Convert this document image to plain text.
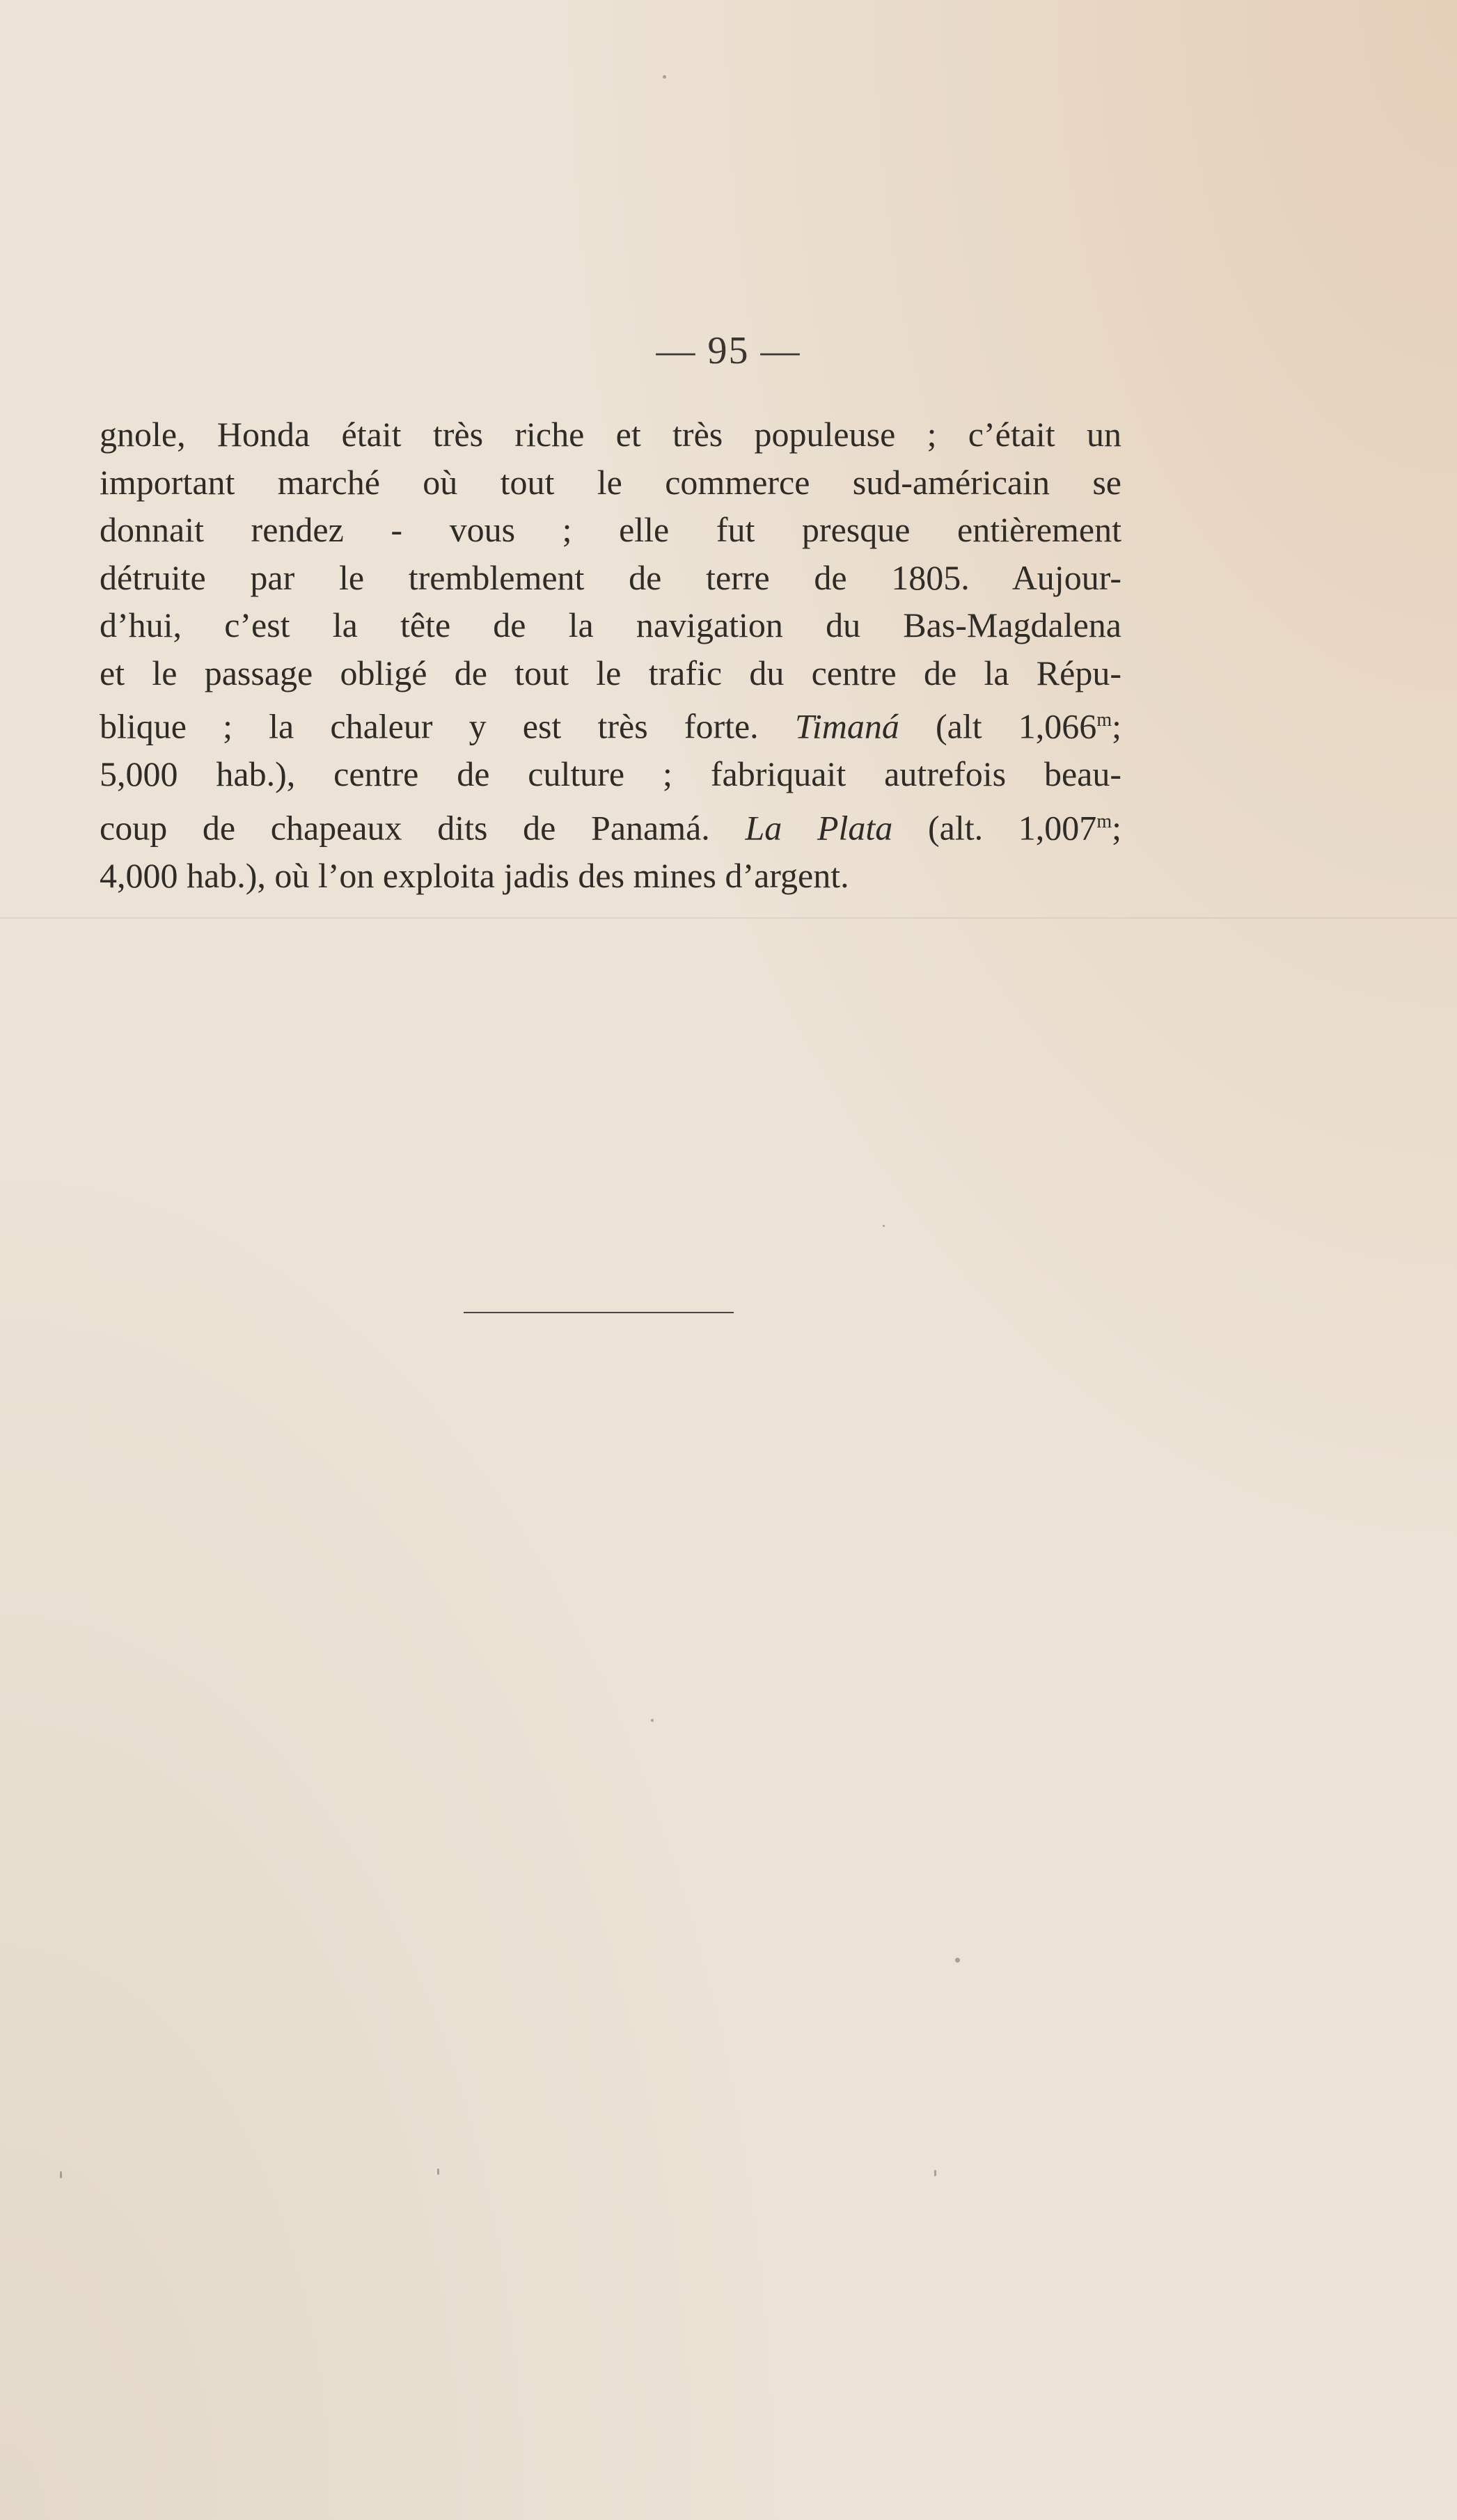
— 95 —
gnole, Honda était très riche et très populeuse ; c’était un
important marché où tout le commerce sud-américain se
donnait rendez - vous ; elle fut presque entièrement
détruite par le tremblement de terre de 1805. Aujour-
d’hui, c’est la tête de la navigation du Bas-Magdalena
et le passage obligé de tout le trafic du centre de la Répu-
blique ; la chaleur y est très forte. Timaná (alt 1,066$^m$;
5,000 hab.), centre de culture ; fabriquait autrefois beau-
coup de chapeaux dits de Panamá. La Plata (alt. 1,007$^m$;
4,000 hab.), où l’on exploita jadis des mines d’argent.
